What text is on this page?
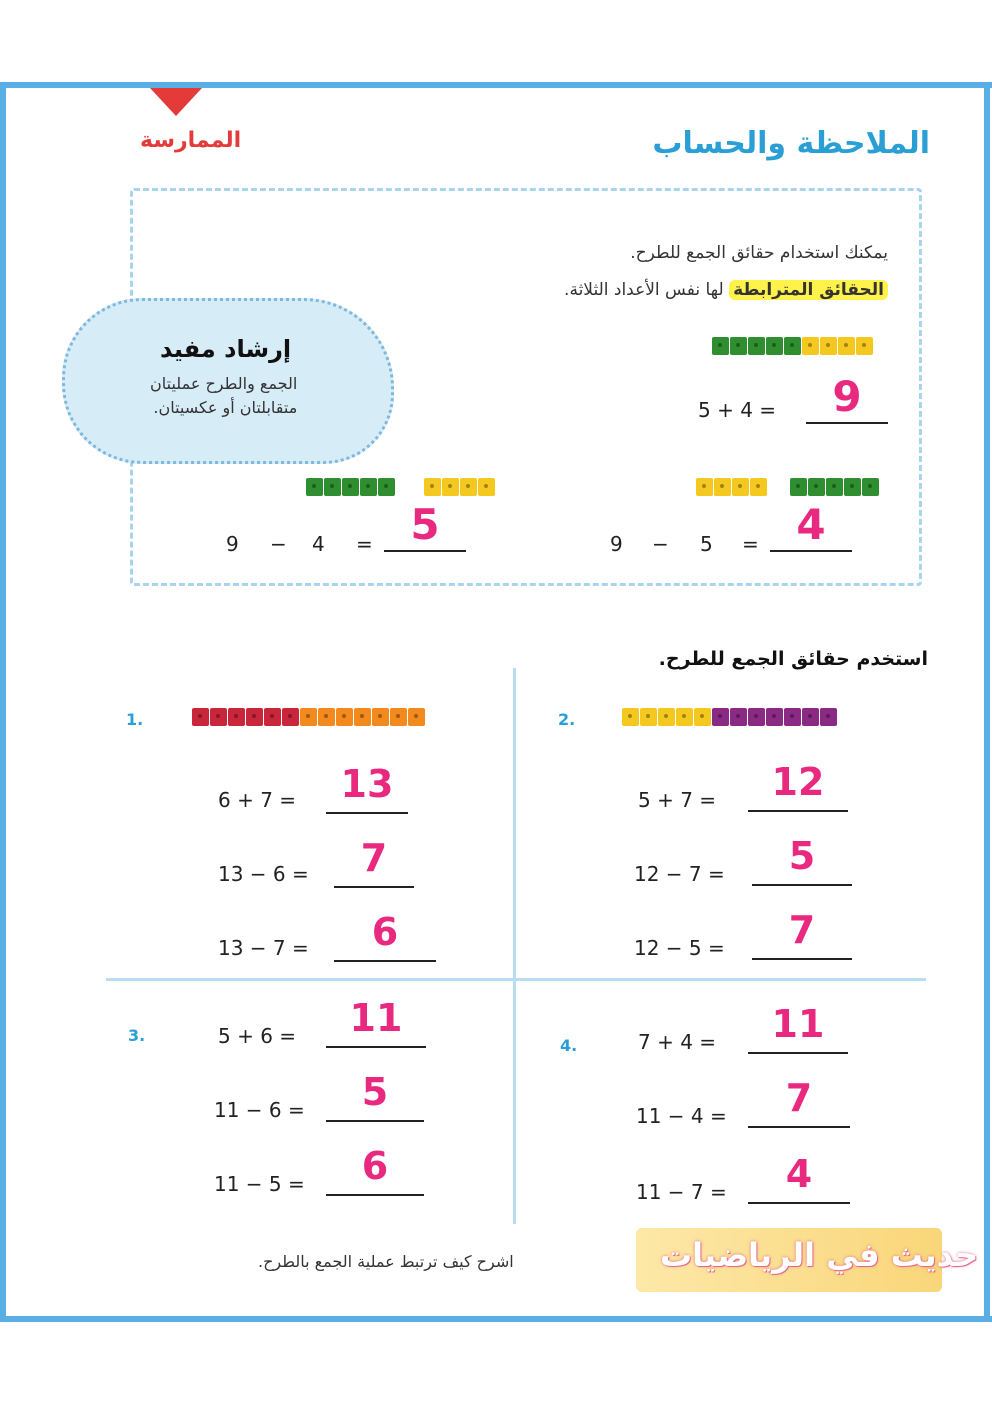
الممارسة	الملاحظة والحساب
يمكنك استخدام حقائق الجمع للطرح.
الحقائق المترابطة لها نفس الأعداد الثلاثة.
إرشاد مفيد
الجمع والطرح عمليتان
متقابلتان أو عكسيتان.	5 + 4 =	9
9 − 5 = 4
9 − 4 = 5
استخدم حقائق الجمع للطرح.
1.
6 + 7 =	13
13 − 6 =	7
13 − 7 =	6
2.
5 + 7 =	12
12 − 7 =	5
12 − 5 =	7
3.	5 + 6 =	11
11 − 6 =	5
11 − 5 =	6
4.	7 + 4 =	11
11 − 4 =	7
11 − 7 =	4
حديث في الرياضيات
اشرح كيف ترتبط عملية الجمع بالطرح.
